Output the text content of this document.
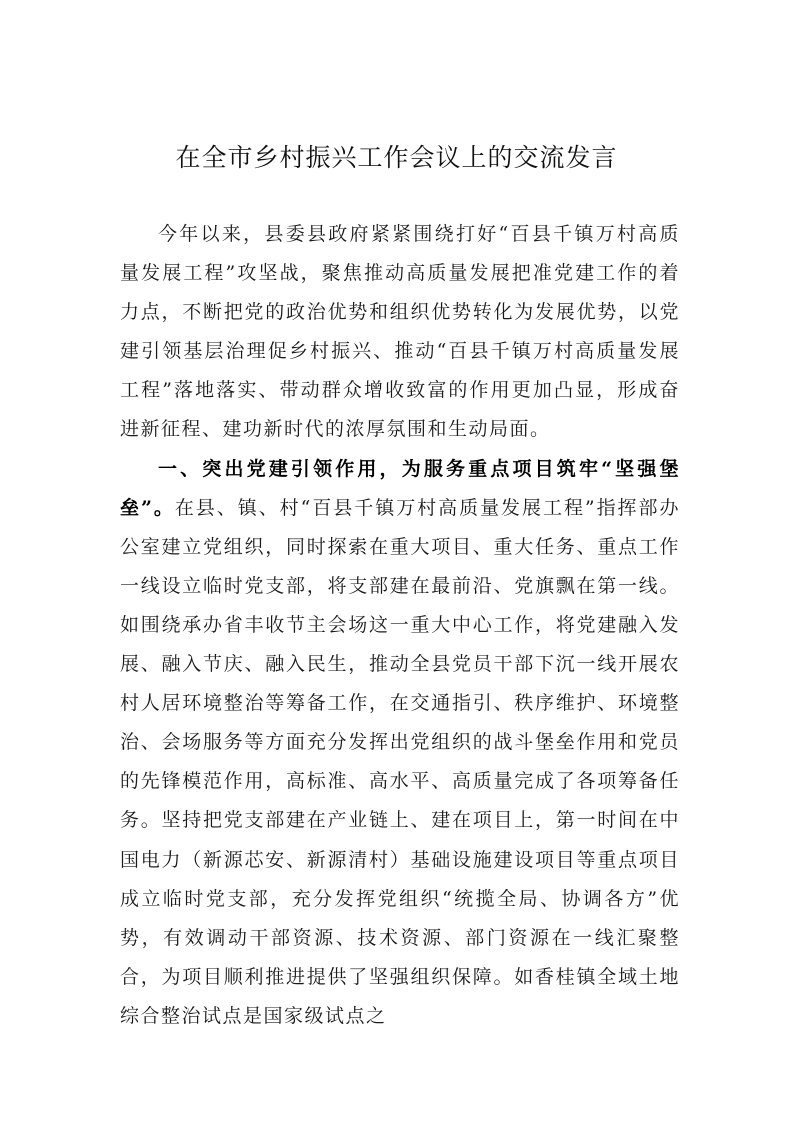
在全市乡村振兴工作会议上的交流发言

今年以来，县委县政府紧紧围绕打好“百县千镇万村高质量发展工程”攻坚战，聚焦推动高质量发展把准党建工作的着力点，不断把党的政治优势和组织优势转化为发展优势，以党建引领基层治理促乡村振兴、推动“百县千镇万村高质量发展工程”落地落实、带动群众增收致富的作用更加凸显，形成奋进新征程、建功新时代的浓厚氛围和生动局面。

一、突出党建引领作用，为服务重点项目筑牢“坚强堡垒”。在县、镇、村“百县千镇万村高质量发展工程”指挥部办公室建立党组织，同时探索在重大项目、重大任务、重点工作一线设立临时党支部，将支部建在最前沿、党旗飘在第一线。如围绕承办省丰收节主会场这一重大中心工作，将党建融入发展、融入节庆、融入民生，推动全县党员干部下沉一线开展农村人居环境整治等筹备工作，在交通指引、秩序维护、环境整治、会场服务等方面充分发挥出党组织的战斗堡垒作用和党员的先锋模范作用，高标准、高水平、高质量完成了各项筹备任务。坚持把党支部建在产业链上、建在项目上，第一时间在中国电力（新源芯安、新源清村）基础设施建设项目等重点项目成立临时党支部，充分发挥党组织“统揽全局、协调各方”优势，有效调动干部资源、技术资源、部门资源在一线汇聚整合，为项目顺利推进提供了坚强组织保障。如香桂镇全域土地综合整治试点是国家级试点之
